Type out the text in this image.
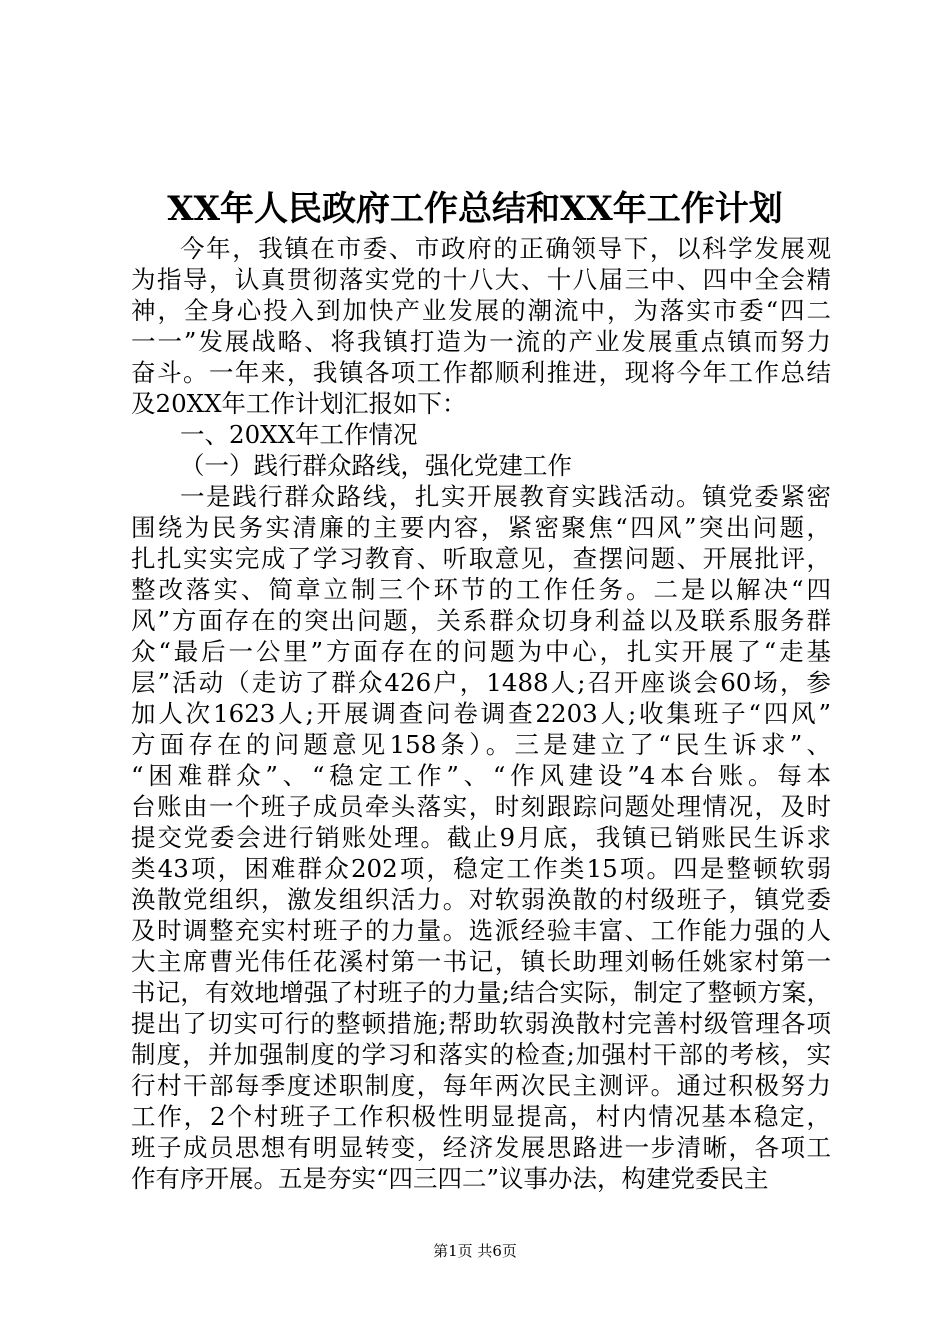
XX年人民政府工作总结和XX年工作计划
今年，我镇在市委、市政府的正确领导下，以科学发展观
为指导，认真贯彻落实党的十八大、十八届三中、四中全会精
神，全身心投入到加快产业发展的潮流中，为落实市委“四二
一一”发展战略、将我镇打造为一流的产业发展重点镇而努力
奋斗。一年来，我镇各项工作都顺利推进，现将今年工作总结
及20XX年工作计划汇报如下：
一、20XX年工作情况
（一）践行群众路线，强化党建工作
一是践行群众路线，扎实开展教育实践活动。镇党委紧密
围绕为民务实清廉的主要内容，紧密聚焦“四风”突出问题，
扎扎实实完成了学习教育、听取意见，查摆问题、开展批评，
整改落实、简章立制三个环节的工作任务。二是以解决“四
风”方面存在的突出问题，关系群众切身利益以及联系服务群
众“最后一公里”方面存在的问题为中心，扎实开展了“走基
层”活动（走访了群众426户，1488人;召开座谈会60场，参
加人次1623人;开展调查问卷调查2203人;收集班子“四风”
方面存在的问题意见158条）。三是建立了“民生诉求”、
“困难群众”、“稳定工作”、“作风建设”4本台账。每本
台账由一个班子成员牵头落实，时刻跟踪问题处理情况，及时
提交党委会进行销账处理。截止9月底，我镇已销账民生诉求
类43项，困难群众202项，稳定工作类15项。四是整顿软弱
涣散党组织，激发组织活力。对软弱涣散的村级班子，镇党委
及时调整充实村班子的力量。选派经验丰富、工作能力强的人
大主席曹光伟任花溪村第一书记，镇长助理刘畅任姚家村第一
书记，有效地增强了村班子的力量;结合实际，制定了整顿方案，
提出了切实可行的整顿措施;帮助软弱涣散村完善村级管理各项
制度，并加强制度的学习和落实的检查;加强村干部的考核，实
行村干部每季度述职制度，每年两次民主测评。通过积极努力
工作，2个村班子工作积极性明显提高，村内情况基本稳定，
班子成员思想有明显转变，经济发展思路进一步清晰，各项工
作有序开展。五是夯实“四三四二”议事办法，构建党委民主
第1页 共6页
